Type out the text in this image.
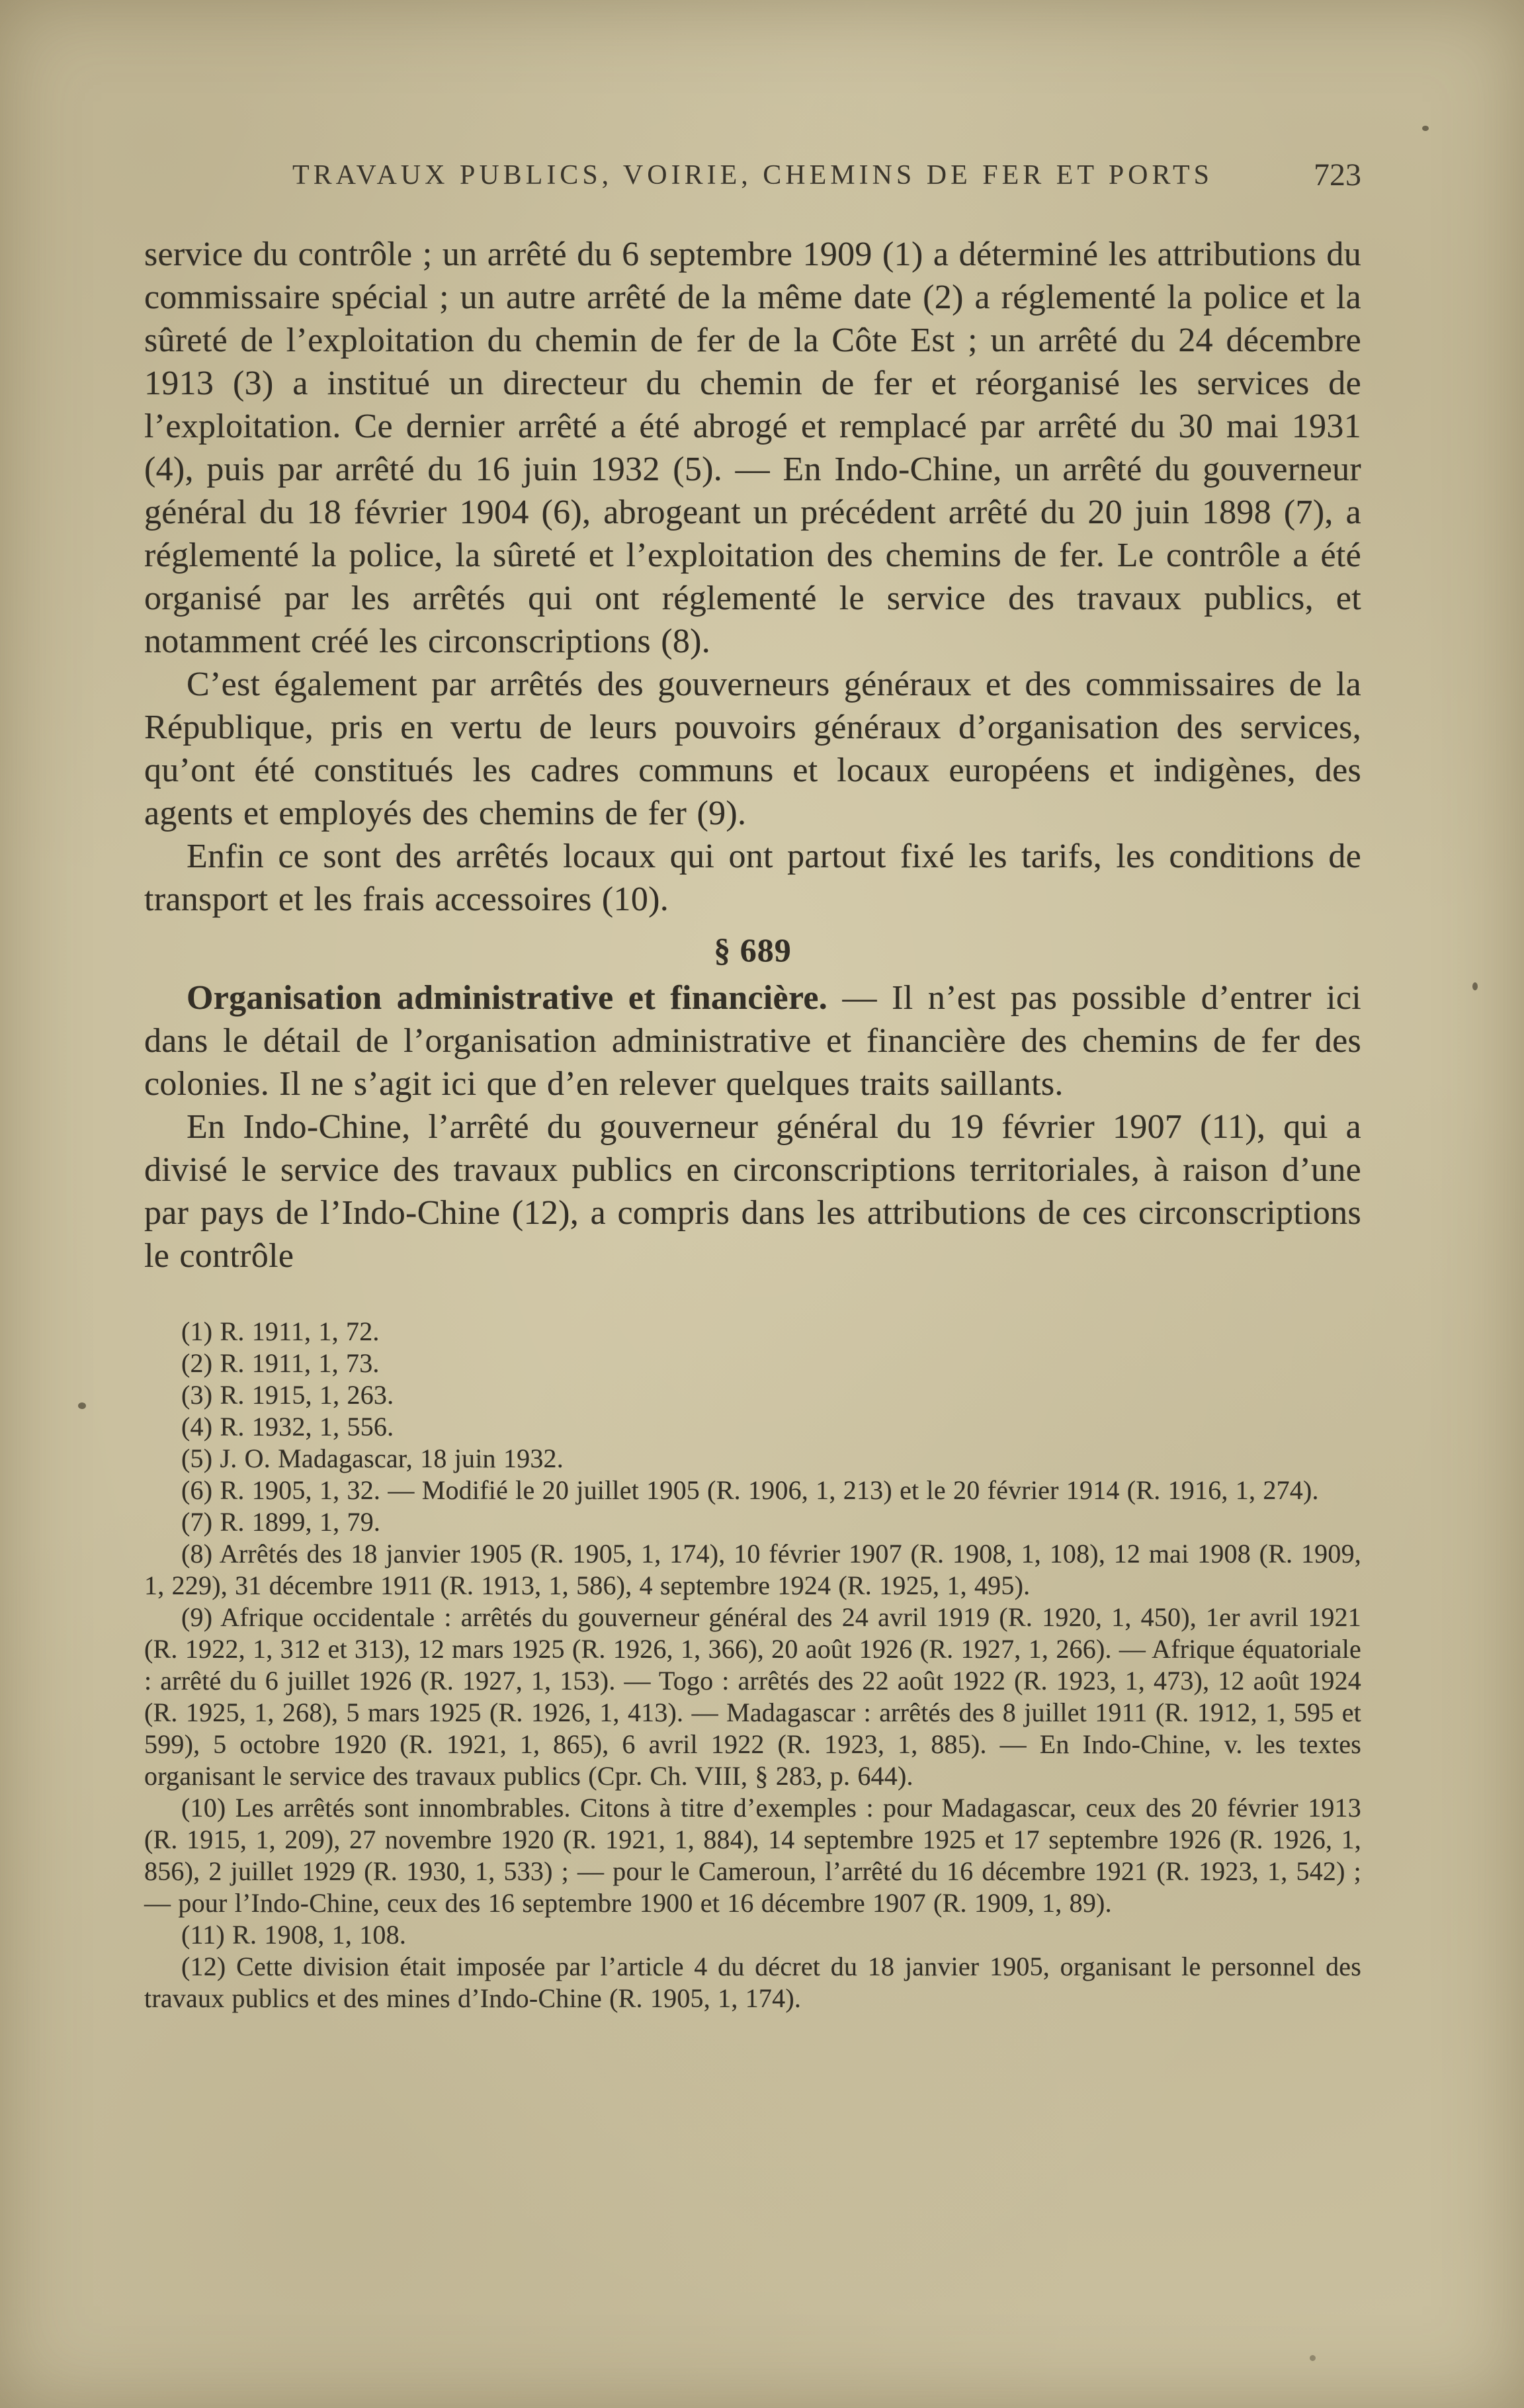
TRAVAUX PUBLICS, VOIRIE, CHEMINS DE FER ET PORTS	723

service du contrôle ; un arrêté du 6 septembre 1909 (1) a déterminé les attributions du commissaire spécial ; un autre arrêté de la même date (2) a réglementé la police et la sûreté de l’exploitation du chemin de fer de la Côte Est ; un arrêté du 24 décembre 1913 (3) a institué un directeur du chemin de fer et réorganisé les services de l’exploitation. Ce dernier arrêté a été abrogé et remplacé par arrêté du 30 mai 1931 (4), puis par arrêté du 16 juin 1932 (5). — En Indo-Chine, un arrêté du gouverneur général du 18 février 1904 (6), abrogeant un précédent arrêté du 20 juin 1898 (7), a réglementé la police, la sûreté et l’exploitation des chemins de fer. Le contrôle a été organisé par les arrêtés qui ont réglementé le service des travaux publics, et notamment créé les circonscriptions (8).

C’est également par arrêtés des gouverneurs généraux et des commissaires de la République, pris en vertu de leurs pouvoirs généraux d’organisation des services, qu’ont été constitués les cadres communs et locaux européens et indigènes, des agents et employés des chemins de fer (9).

Enfin ce sont des arrêtés locaux qui ont partout fixé les tarifs, les conditions de transport et les frais accessoires (10).

§ 689

Organisation administrative et financière. — Il n’est pas possible d’entrer ici dans le détail de l’organisation administrative et financière des chemins de fer des colonies. Il ne s’agit ici que d’en relever quelques traits saillants.

En Indo-Chine, l’arrêté du gouverneur général du 19 février 1907 (11), qui a divisé le service des travaux publics en circonscriptions territoriales, à raison d’une par pays de l’Indo-Chine (12), a compris dans les attributions de ces circonscriptions le contrôle

(1) R. 1911, 1, 72.

(2) R. 1911, 1, 73.

(3) R. 1915, 1, 263.

(4) R. 1932, 1, 556.

(5) J. O. Madagascar, 18 juin 1932.

(6) R. 1905, 1, 32. — Modifié le 20 juillet 1905 (R. 1906, 1, 213) et le 20 février 1914 (R. 1916, 1, 274).

(7) R. 1899, 1, 79.

(8) Arrêtés des 18 janvier 1905 (R. 1905, 1, 174), 10 février 1907 (R. 1908, 1, 108), 12 mai 1908 (R. 1909, 1, 229), 31 décembre 1911 (R. 1913, 1, 586), 4 septembre 1924 (R. 1925, 1, 495).

(9) Afrique occidentale : arrêtés du gouverneur général des 24 avril 1919 (R. 1920, 1, 450), 1er avril 1921 (R. 1922, 1, 312 et 313), 12 mars 1925 (R. 1926, 1, 366), 20 août 1926 (R. 1927, 1, 266). — Afrique équatoriale : arrêté du 6 juillet 1926 (R. 1927, 1, 153). — Togo : arrêtés des 22 août 1922 (R. 1923, 1, 473), 12 août 1924 (R. 1925, 1, 268), 5 mars 1925 (R. 1926, 1, 413). — Madagascar : arrêtés des 8 juillet 1911 (R. 1912, 1, 595 et 599), 5 octobre 1920 (R. 1921, 1, 865), 6 avril 1922 (R. 1923, 1, 885). — En Indo-Chine, v. les textes organisant le service des travaux publics (Cpr. Ch. VIII, § 283, p. 644).

(10) Les arrêtés sont innombrables. Citons à titre d’exemples : pour Madagascar, ceux des 20 février 1913 (R. 1915, 1, 209), 27 novembre 1920 (R. 1921, 1, 884), 14 septembre 1925 et 17 septembre 1926 (R. 1926, 1, 856), 2 juillet 1929 (R. 1930, 1, 533) ; — pour le Cameroun, l’arrêté du 16 décembre 1921 (R. 1923, 1, 542) ; — pour l’Indo-Chine, ceux des 16 septembre 1900 et 16 décembre 1907 (R. 1909, 1, 89).

(11) R. 1908, 1, 108.

(12) Cette division était imposée par l’article 4 du décret du 18 janvier 1905, organisant le personnel des travaux publics et des mines d’Indo-Chine (R. 1905, 1, 174).
